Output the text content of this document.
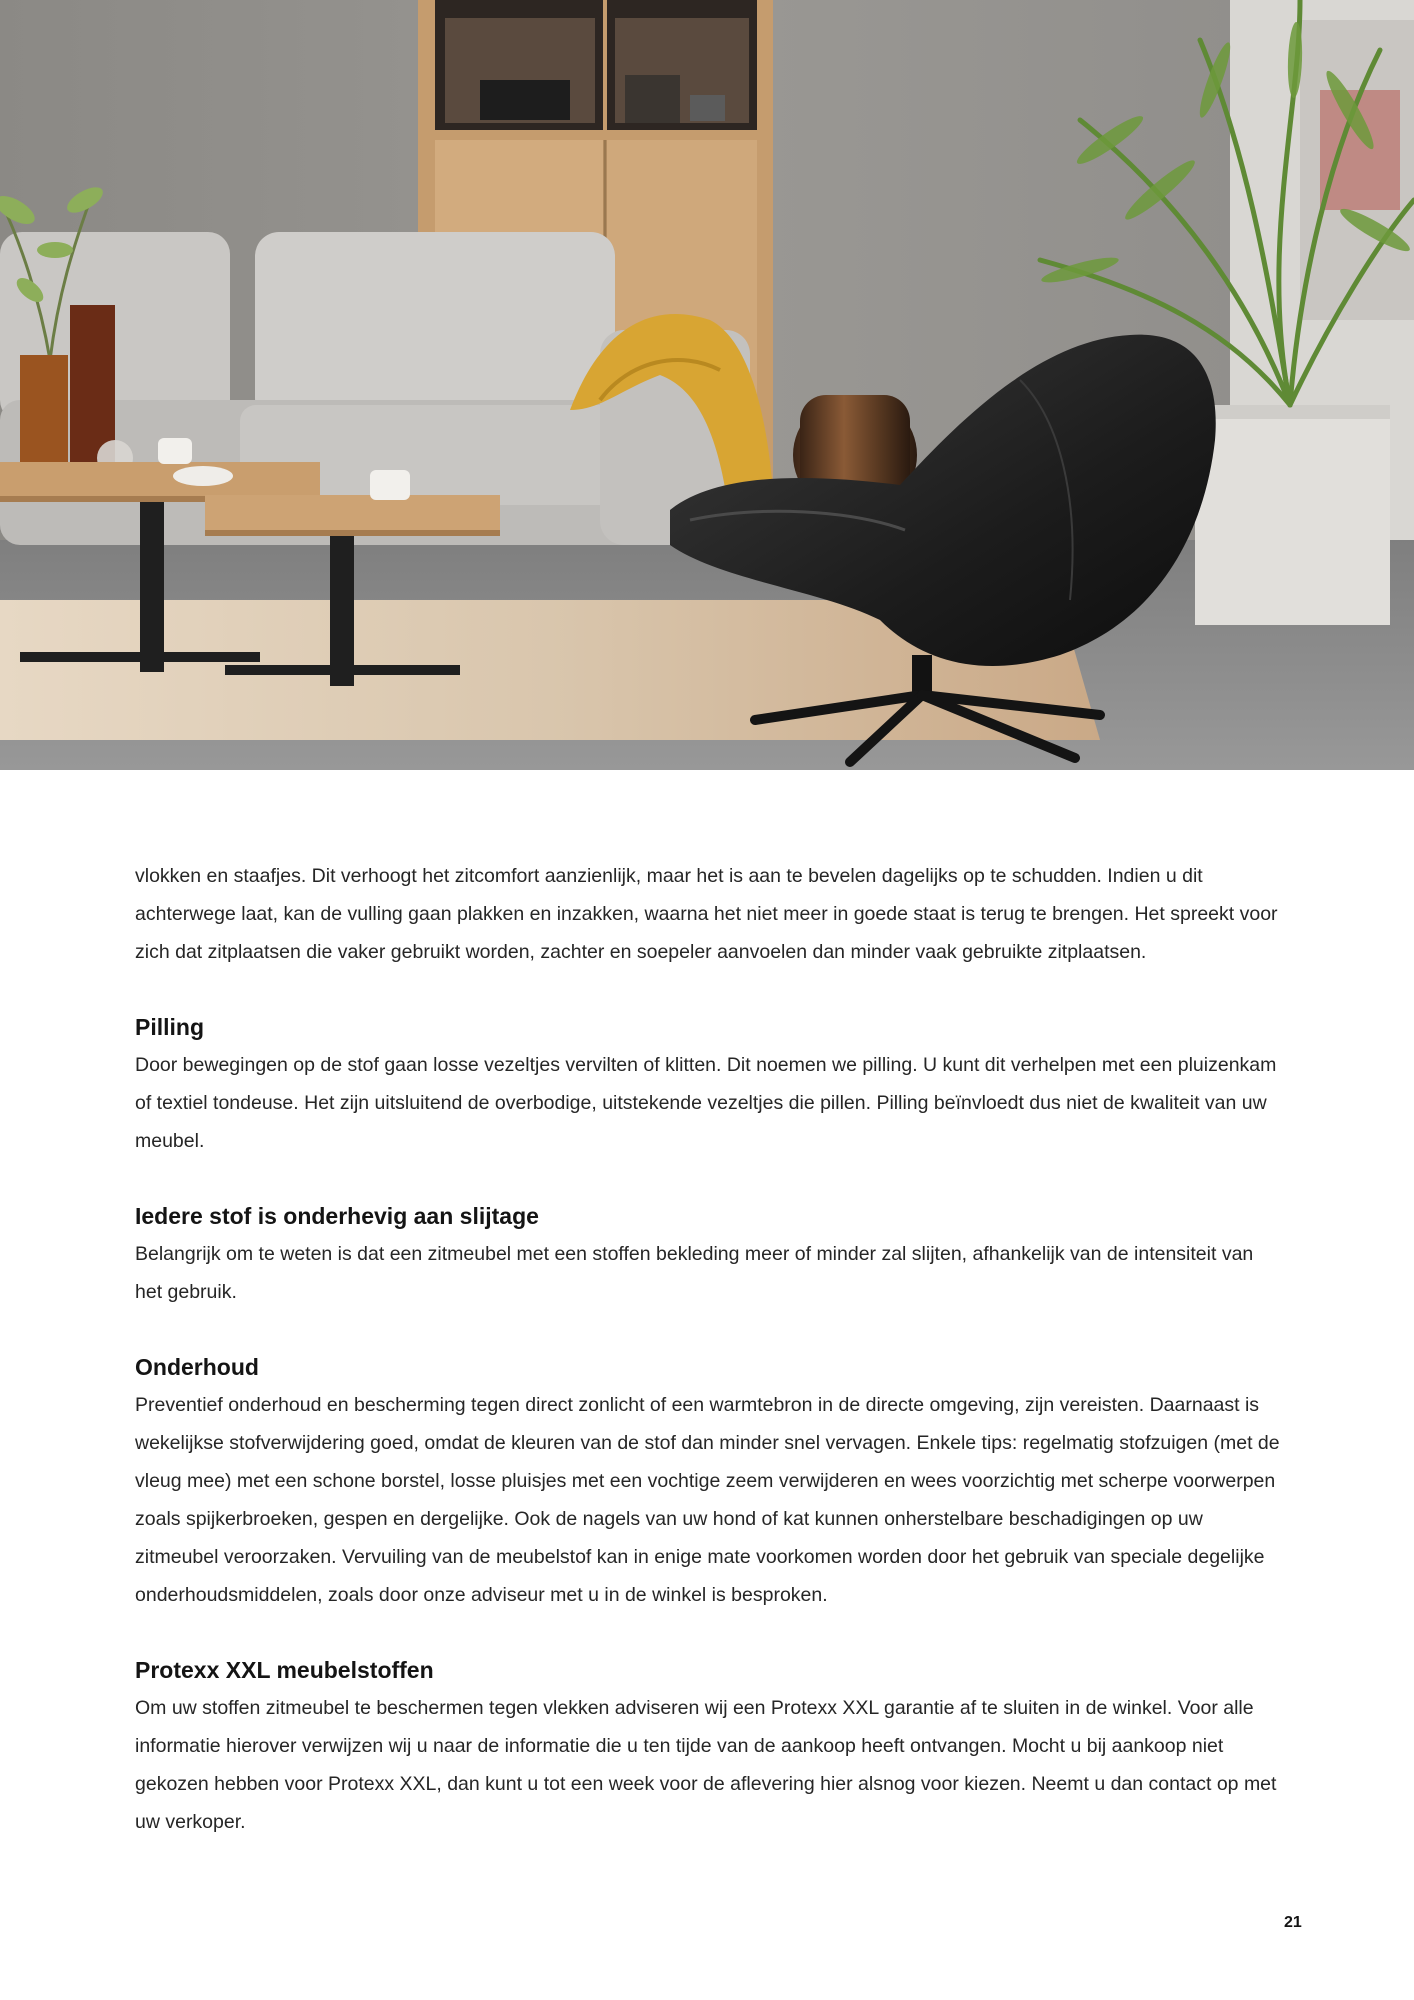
vlokken en staafjes. Dit verhoogt het zitcomfort aanzienlijk, maar het is aan te bevelen dagelijks op te schudden. Indien u dit achterwege laat, kan de vulling gaan plakken en inzakken, waarna het niet meer in goede staat is terug te brengen. Het spreekt voor zich dat zitplaatsen die vaker gebruikt worden, zachter en soepeler aanvoelen dan minder vaak gebruikte zitplaatsen.

Pilling

Door bewegingen op de stof gaan losse vezeltjes vervilten of klitten. Dit noemen we pilling. U kunt dit verhelpen met een pluizenkam of textiel tondeuse. Het zijn uitsluitend de overbodige, uitstekende vezeltjes die pillen. Pilling beïnvloedt dus niet de kwaliteit van uw meubel.

Iedere stof is onderhevig aan slijtage

Belangrijk om te weten is dat een zitmeubel met een stoffen bekleding meer of minder zal slijten, afhankelijk van de intensiteit van het gebruik.

Onderhoud

Preventief onderhoud en bescherming tegen direct zonlicht of een warmtebron in de directe omgeving, zijn vereisten. Daarnaast is wekelijkse stofverwijdering goed, omdat de kleuren van de stof dan minder snel vervagen. Enkele tips: regelmatig stofzuigen (met de vleug mee) met een schone borstel, losse pluisjes met een vochtige zeem verwijderen en wees voorzichtig met scherpe voorwerpen zoals spijkerbroeken, gespen en dergelijke. Ook de nagels van uw hond of kat kunnen onherstelbare beschadigingen op uw zitmeubel veroorzaken. Vervuiling van de meubelstof kan in enige mate voorkomen worden door het gebruik van speciale degelijke onderhoudsmiddelen, zoals door onze adviseur met u in de winkel is besproken.

Protexx XXL meubelstoffen

Om uw stoffen zitmeubel te beschermen tegen vlekken adviseren wij een Protexx XXL garantie af te sluiten in de winkel. Voor alle informatie hierover verwijzen wij u naar de informatie die u ten tijde van de aankoop heeft ontvangen. Mocht u bij aankoop niet gekozen hebben voor Protexx XXL, dan kunt u tot een week voor de aflevering hier alsnog voor kiezen. Neemt u dan contact op met uw verkoper.

21
